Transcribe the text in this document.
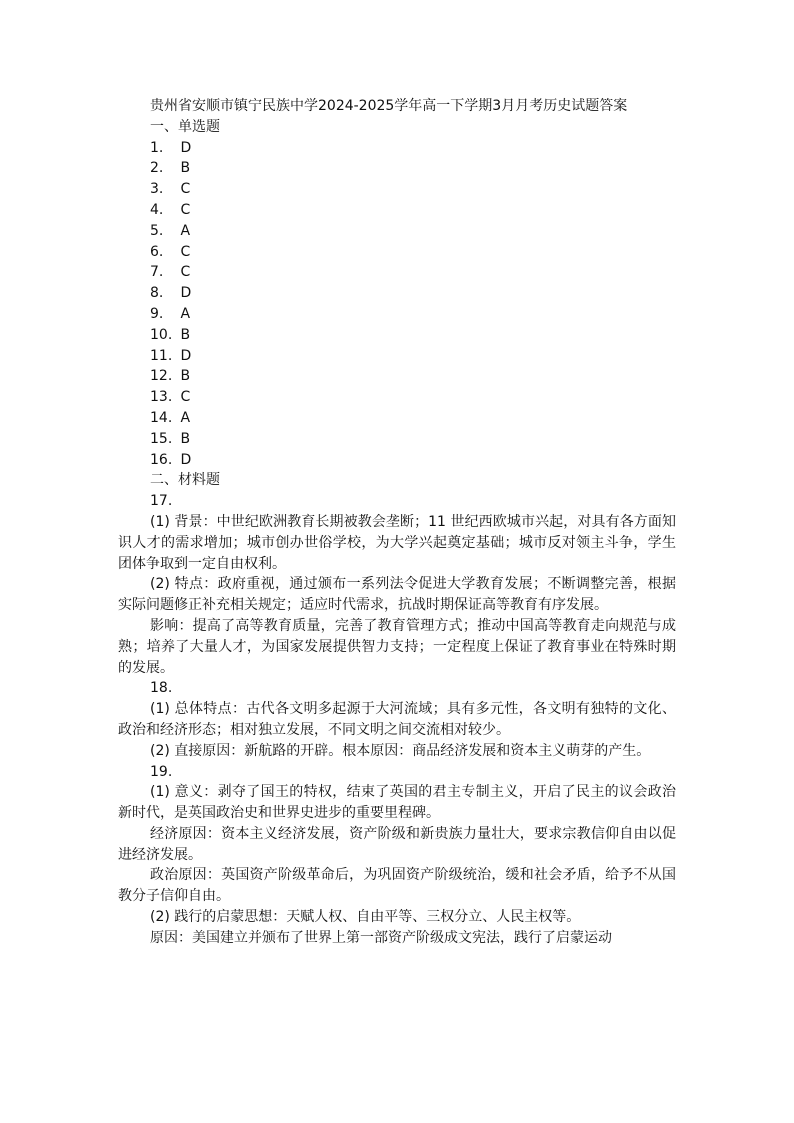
贵州省安顺市镇宁民族中学2024-2025学年高一下学期3月月考历史试题答案
一、单选题
1. D
2. B
3. C
4. C
5. A
6. C
7. C
8. D
9. A
10. B
11. D
12. B
13. C
14. A
15. B
16. D
二、材料题
17.

(1) 背景：中世纪欧洲教育长期被教会垄断；11 世纪西欧城市兴起，对具有各方面知识人才的需求增加；城市创办世俗学校，为大学兴起奠定基础；城市反对领主斗争，学生团体争取到一定自由权利。

(2) 特点：政府重视，通过颁布一系列法令促进大学教育发展；不断调整完善，根据实际问题修正补充相关规定；适应时代需求，抗战时期保证高等教育有序发展。

影响：提高了高等教育质量，完善了教育管理方式；推动中国高等教育走向规范与成熟；培养了大量人才，为国家发展提供智力支持；一定程度上保证了教育事业在特殊时期的发展。

18.

(1) 总体特点：古代各文明多起源于大河流域；具有多元性，各文明有独特的文化、政治和经济形态；相对独立发展，不同文明之间交流相对较少。

(2) 直接原因：新航路的开辟。根本原因：商品经济发展和资本主义萌芽的产生。

19.

(1) 意义：剥夺了国王的特权，结束了英国的君主专制主义，开启了民主的议会政治新时代，是英国政治史和世界史进步的重要里程碑。

经济原因：资本主义经济发展，资产阶级和新贵族力量壮大，要求宗教信仰自由以促进经济发展。

政治原因：英国资产阶级革命后，为巩固资产阶级统治，缓和社会矛盾，给予不从国教分子信仰自由。

(2) 践行的启蒙思想：天赋人权、自由平等、三权分立、人民主权等。

原因：美国建立并颁布了世界上第一部资产阶级成文宪法，践行了启蒙运动
